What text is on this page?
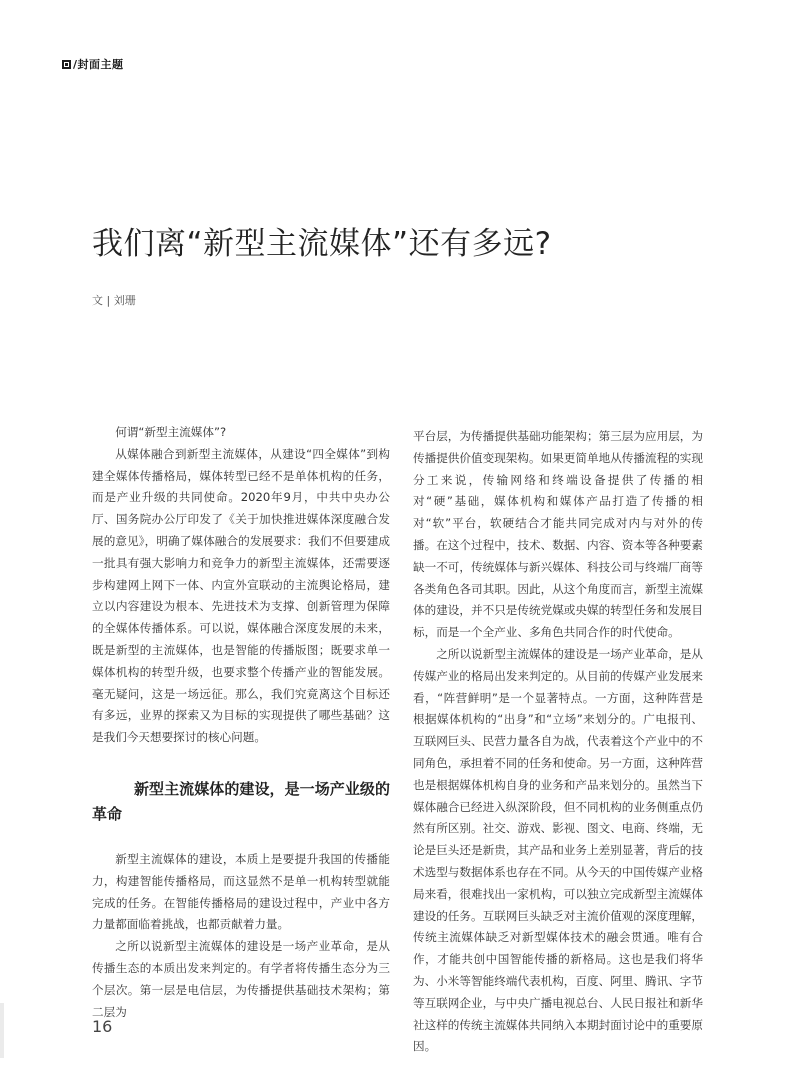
/封面主题
我们离“新型主流媒体”还有多远?
文 | 刘珊

何谓“新型主流媒体”?

从媒体融合到新型主流媒体，从建设“四全媒体”到构建全媒体传播格局，媒体转型已经不是单体机构的任务，而是产业升级的共同使命。2020年9月，中共中央办公厅、国务院办公厅印发了《关于加快推进媒体深度融合发展的意见》，明确了媒体融合的发展要求：我们不但要建成一批具有强大影响力和竞争力的新型主流媒体，还需要逐步构建网上网下一体、内宣外宣联动的主流舆论格局，建立以内容建设为根本、先进技术为支撑、创新管理为保障的全媒体传播体系。可以说，媒体融合深度发展的未来，既是新型的主流媒体，也是智能的传播版图；既要求单一媒体机构的转型升级，也要求整个传播产业的智能发展。毫无疑问，这是一场远征。那么，我们究竟离这个目标还有多远，业界的探索又为目标的实现提供了哪些基础？这是我们今天想要探讨的核心问题。

新型主流媒体的建设，是一场产业级的革命

新型主流媒体的建设，本质上是要提升我国的传播能力，构建智能传播格局，而这显然不是单一机构转型就能完成的任务。在智能传播格局的建设过程中，产业中各方力量都面临着挑战，也都贡献着力量。

之所以说新型主流媒体的建设是一场产业革命，是从传播生态的本质出发来判定的。有学者将传播生态分为三个层次。第一层是电信层，为传播提供基础技术架构；第二层为

平台层，为传播提供基础功能架构；第三层为应用层，为传播提供价值变现架构。如果更简单地从传播流程的实现分工来说，传输网络和终端设备提供了传播的相对“硬”基础，媒体机构和媒体产品打造了传播的相对“软”平台，软硬结合才能共同完成对内与对外的传播。在这个过程中，技术、数据、内容、资本等各种要素缺一不可，传统媒体与新兴媒体、科技公司与终端厂商等各类角色各司其职。因此，从这个角度而言，新型主流媒体的建设，并不只是传统党媒或央媒的转型任务和发展目标，而是一个全产业、多角色共同合作的时代使命。

之所以说新型主流媒体的建设是一场产业革命，是从传媒产业的格局出发来判定的。从目前的传媒产业发展来看，“阵营鲜明”是一个显著特点。一方面，这种阵营是根据媒体机构的“出身”和“立场”来划分的。广电报刊、互联网巨头、民营力量各自为战，代表着这个产业中的不同角色，承担着不同的任务和使命。另一方面，这种阵营也是根据媒体机构自身的业务和产品来划分的。虽然当下媒体融合已经进入纵深阶段，但不同机构的业务侧重点仍然有所区别。社交、游戏、影视、图文、电商、终端，无论是巨头还是新贵，其产品和业务上差别显著，背后的技术选型与数据体系也存在不同。从今天的中国传媒产业格局来看，很难找出一家机构，可以独立完成新型主流媒体建设的任务。互联网巨头缺乏对主流价值观的深度理解，传统主流媒体缺乏对新型媒体技术的融会贯通。唯有合作，才能共创中国智能传播的新格局。这也是我们将华为、小米等智能终端代表机构，百度、阿里、腾讯、字节等互联网企业，与中央广播电视总台、人民日报社和新华社这样的传统主流媒体共同纳入本期封面讨论中的重要原因。

16
